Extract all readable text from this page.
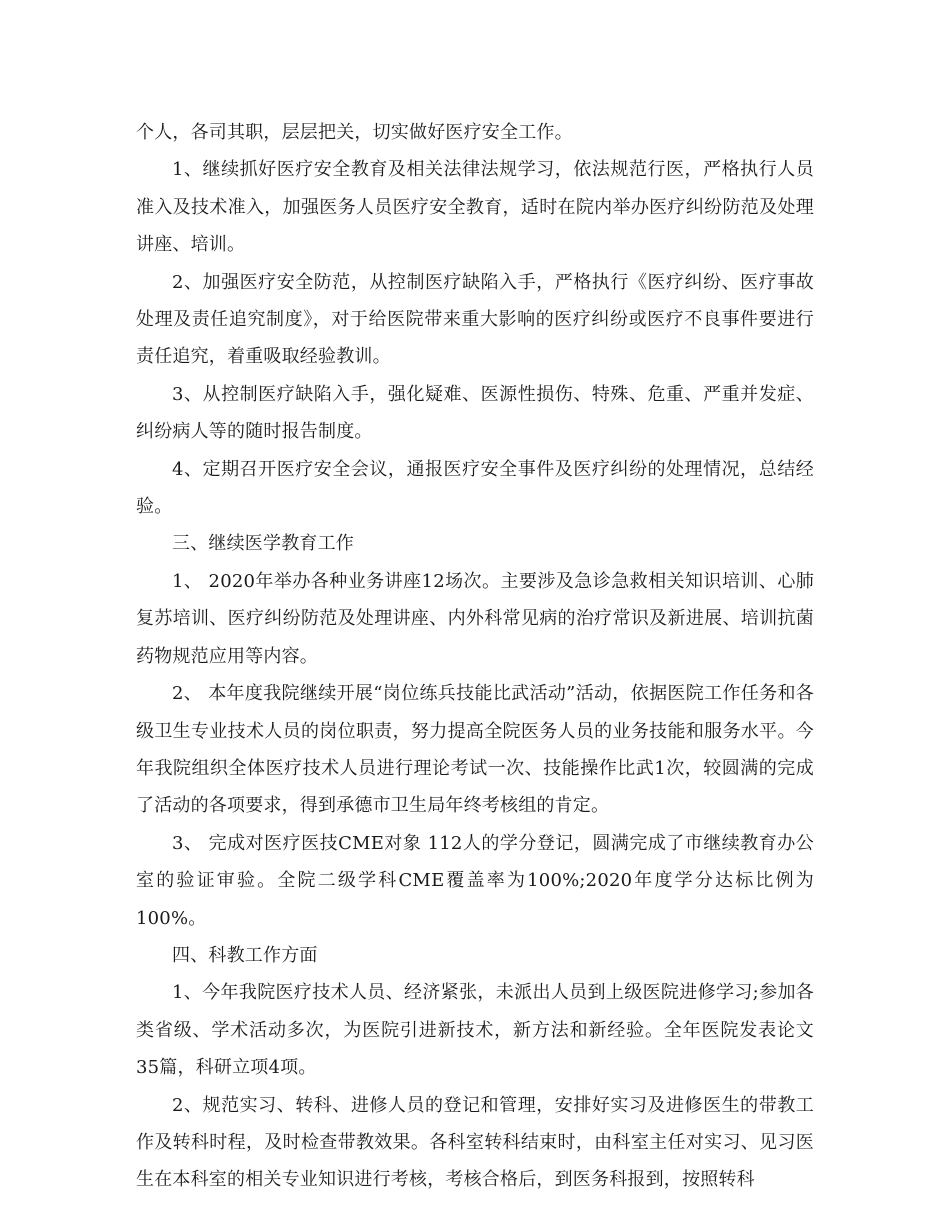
个人，各司其职，层层把关，切实做好医疗安全工作。

1、继续抓好医疗安全教育及相关法律法规学习，依法规范行医，严格执行人员准入及技术准入，加强医务人员医疗安全教育，适时在院内举办医疗纠纷防范及处理讲座、培训。

2、加强医疗安全防范，从控制医疗缺陷入手，严格执行《医疗纠纷、医疗事故处理及责任追究制度》，对于给医院带来重大影响的医疗纠纷或医疗不良事件要进行责任追究，着重吸取经验教训。

3、从控制医疗缺陷入手，强化疑难、医源性损伤、特殊、危重、严重并发症、纠纷病人等的随时报告制度。

4、定期召开医疗安全会议，通报医疗安全事件及医疗纠纷的处理情况，总结经验。

三、继续医学教育工作

1、 2020年举办各种业务讲座12场次。主要涉及急诊急救相关知识培训、心肺复苏培训、医疗纠纷防范及处理讲座、内外科常见病的治疗常识及新进展、培训抗菌药物规范应用等内容。

2、 本年度我院继续开展“岗位练兵技能比武活动”活动，依据医院工作任务和各级卫生专业技术人员的岗位职责，努力提高全院医务人员的业务技能和服务水平。今年我院组织全体医疗技术人员进行理论考试一次、技能操作比武1次，较圆满的完成了活动的各项要求，得到承德市卫生局年终考核组的肯定。

3、 完成对医疗医技CME对象 112人的学分登记，圆满完成了市继续教育办公室的验证审验。全院二级学科CME覆盖率为100%;2020年度学分达标比例为100%。

四、科教工作方面

1、今年我院医疗技术人员、经济紧张，未派出人员到上级医院进修学习;参加各类省级、学术活动多次，为医院引进新技术，新方法和新经验。全年医院发表论文35篇，科研立项4项。

2、规范实习、转科、进修人员的登记和管理，安排好实习及进修医生的带教工作及转科时程，及时检查带教效果。各科室转科结束时，由科室主任对实习、见习医生在本科室的相关专业知识进行考核，考核合格后，到医务科报到，按照转科
